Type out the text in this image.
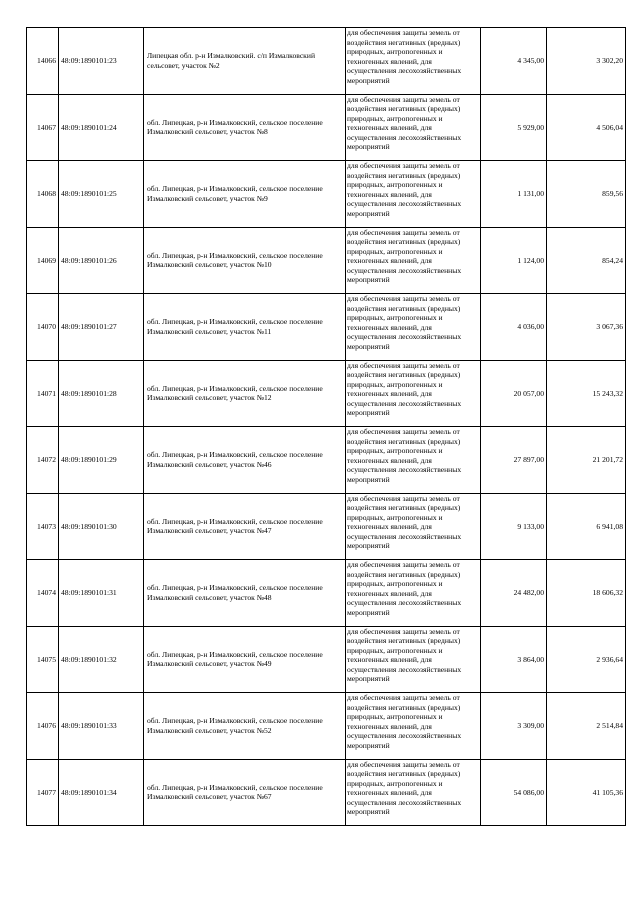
14066	48:09:1890101:23	Липецкая обл. р-н Измалковский. с/п Измалковский сельсовет, участок №2	для обеспечения защиты земель от воздействия негативных (вредных) природных, антропогенных и техногенных явлений, для осуществления лесохозяйственных мероприятий	4 345,00	3 302,20
14067	48:09:1890101:24	обл. Липецкая, р-н Измалковский, сельское поселение Измалковский сельсовет, участок №8	для обеспечения защиты земель от воздействия негативных (вредных) природных, антропогенных и техногенных явлений, для осуществления лесохозяйственных мероприятий	5 929,00	4 506,04
14068	48:09:1890101:25	обл. Липецкая, р-н Измалковский, сельское поселение Измалковский сельсовет, участок №9	для обеспечения защиты земель от воздействия негативных (вредных) природных, антропогенных и техногенных явлений, для осуществления лесохозяйственных мероприятий	1 131,00	859,56
14069	48:09:1890101:26	обл. Липецкая, р-н Измалковский, сельское поселение Измалковский сельсовет, участок №10	для обеспечения защиты земель от воздействия негативных (вредных) природных, антропогенных и техногенных явлений, для осуществления лесохозяйственных мероприятий	1 124,00	854,24
14070	48:09:1890101:27	обл. Липецкая, р-н Измалковский, сельское поселение Измалковский сельсовет, участок №11	для обеспечения защиты земель от воздействия негативных (вредных) природных, антропогенных и техногенных явлений, для осуществления лесохозяйственных мероприятий	4 036,00	3 067,36
14071	48:09:1890101:28	обл. Липецкая, р-н Измалковский, сельское поселение Измалковский сельсовет, участок №12	для обеспечения защиты земель от воздействия негативных (вредных) природных, антропогенных и техногенных явлений, для осуществления лесохозяйственных мероприятий	20 057,00	15 243,32
14072	48:09:1890101:29	обл. Липецкая, р-н Измалковский, сельское поселение Измалковский сельсовет, участок №46	для обеспечения защиты земель от воздействия негативных (вредных) природных, антропогенных и техногенных явлений, для осуществления лесохозяйственных мероприятий	27 897,00	21 201,72
14073	48:09:1890101:30	обл. Липецкая, р-н Измалковский, сельское поселение Измалковский сельсовет, участок №47	для обеспечения защиты земель от воздействия негативных (вредных) природных, антропогенных и техногенных явлений, для осуществления лесохозяйственных мероприятий	9 133,00	6 941,08
14074	48:09:1890101:31	обл. Липецкая, р-н Измалковский, сельское поселение Измалковский сельсовет, участок №48	для обеспечения защиты земель от воздействия негативных (вредных) природных, антропогенных и техногенных явлений, для осуществления лесохозяйственных мероприятий	24 482,00	18 606,32
14075	48:09:1890101:32	обл. Липецкая, р-н Измалковский, сельское поселение Измалковский сельсовет, участок №49	для обеспечения защиты земель от воздействия негативных (вредных) природных, антропогенных и техногенных явлений, для осуществления лесохозяйственных мероприятий	3 864,00	2 936,64
14076	48:09:1890101:33	обл. Липецкая, р-н Измалковский, сельское поселение Измалковский сельсовет, участок №52	для обеспечения защиты земель от воздействия негативных (вредных) природных, антропогенных и техногенных явлений, для осуществления лесохозяйственных мероприятий	3 309,00	2 514,84
14077	48:09:1890101:34	обл. Липецкая, р-н Измалковский, сельское поселение Измалковский сельсовет, участок №67	для обеспечения защиты земель от воздействия негативных (вредных) природных, антропогенных и техногенных явлений, для осуществления лесохозяйственных мероприятий	54 086,00	41 105,36
